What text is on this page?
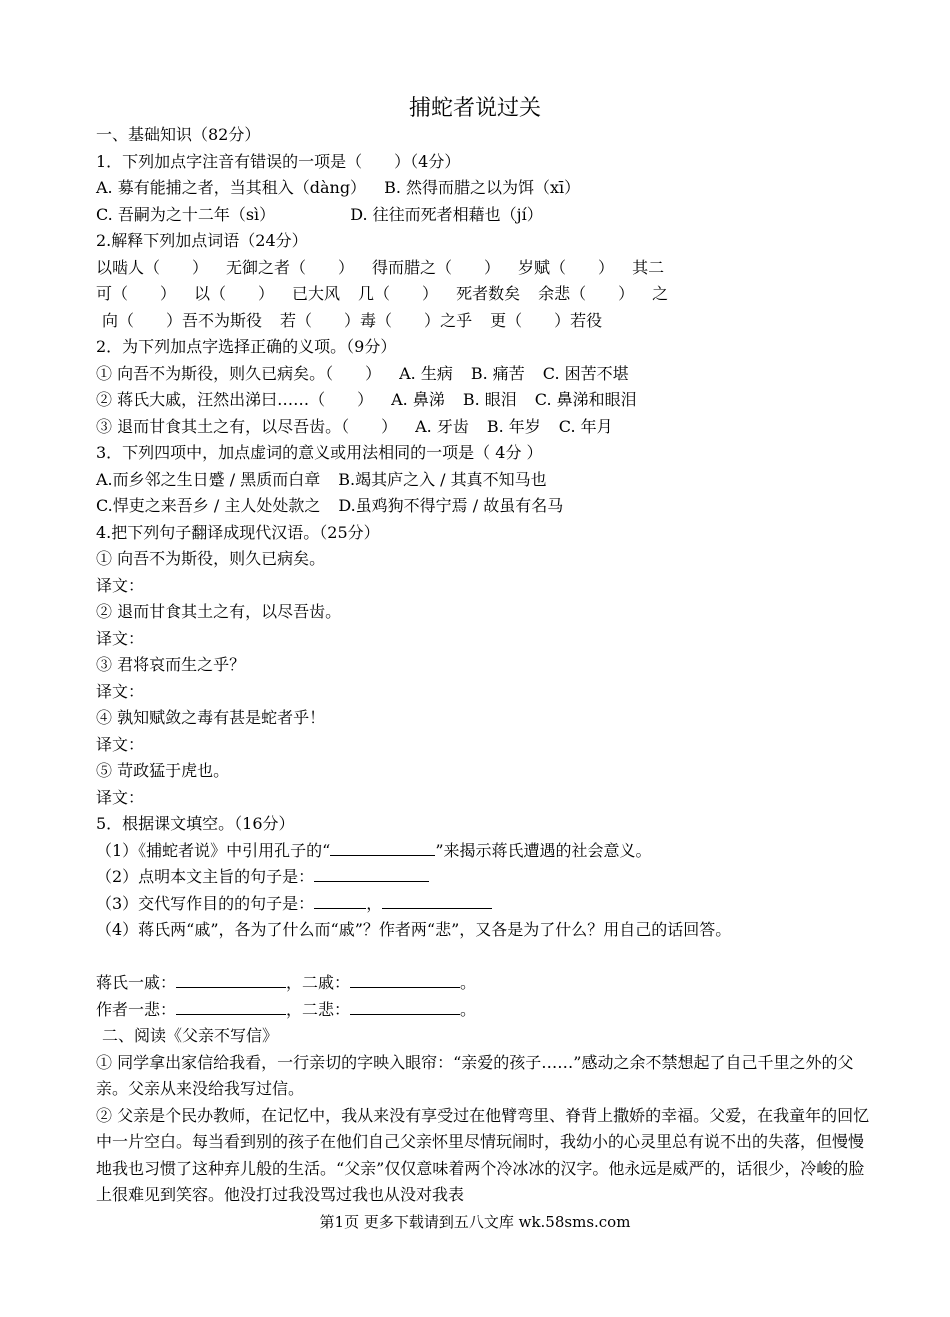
捕蛇者说过关
一、基础知识（82分）
1．下列加点字注音有错误的一项是（　　）（4分）
A. 募有能捕之者，当其租入（dàng） B. 然得而腊之以为饵（xī）
C. 吾嗣为之十二年（sì）	D. 往往而死者相藉也（jí）
2.解释下列加点词语（24分）
以啮人（　　） 无御之者（　　） 得而腊之（　　） 岁赋（　　） 其二
可（　　） 以（　　） 已大风 几（　　） 死者数矣 余悲（　　） 之
向（　　）吾不为斯役 若（　　）毒（　　）之乎 更（　　）若役
2．为下列加点字选择正确的义项。（9分）
① 向吾不为斯役，则久已病矣。（　　） A. 生病 B. 痛苦 C. 困苦不堪
② 蒋氏大戚，汪然出涕曰……（　　） A. 鼻涕 B. 眼泪 C. 鼻涕和眼泪
③ 退而甘食其土之有，以尽吾齿。（　　） A. 牙齿 B. 年岁 C. 年月
3．下列四项中，加点虚词的意义或用法相同的一项是（ 4分 ）
A.而乡邻之生日蹙 / 黑质而白章 B.竭其庐之入 / 其真不知马也
C.悍吏之来吾乡 / 主人处处款之 D.虽鸡狗不得宁焉 / 故虽有名马
4.把下列句子翻译成现代汉语。（25分）
① 向吾不为斯役，则久已病矣。
译文：
② 退而甘食其土之有，以尽吾齿。
译文：
③ 君将哀而生之乎？
译文：
④ 孰知赋敛之毒有甚是蛇者乎！
译文：
⑤ 苛政猛于虎也。
译文：
5．根据课文填空。（16分）
（1）《捕蛇者说》中引用孔子的“	”来揭示蒋氏遭遇的社会意义。
（2）点明本文主旨的句子是：
（3）交代写作目的的句子是：	，
（4）蒋氏两“戚”，各为了什么而“戚”？作者两“悲”，又各是为了什么？用自己的话回答。
蒋氏一戚：	，二戚：	。
作者一悲：	，二悲：	。
二、阅读《父亲不写信》
① 同学拿出家信给我看，一行亲切的字映入眼帘：“亲爱的孩子……”感动之余不禁想起了自己千里之外的父亲。父亲从来没给我写过信。
② 父亲是个民办教师，在记忆中，我从来没有享受过在他臂弯里、脊背上撒娇的幸福。父爱，在我童年的回忆中一片空白。每当看到别的孩子在他们自己父亲怀里尽情玩闹时，我幼小的心灵里总有说不出的失落，但慢慢地我也习惯了这种弃儿般的生活。“父亲”仅仅意味着两个冷冰冰的汉字。他永远是威严的，话很少，冷峻的脸上很难见到笑容。他没打过我没骂过我也从没对我表
第1页 更多下载请到五八文库 wk.58sms.com
